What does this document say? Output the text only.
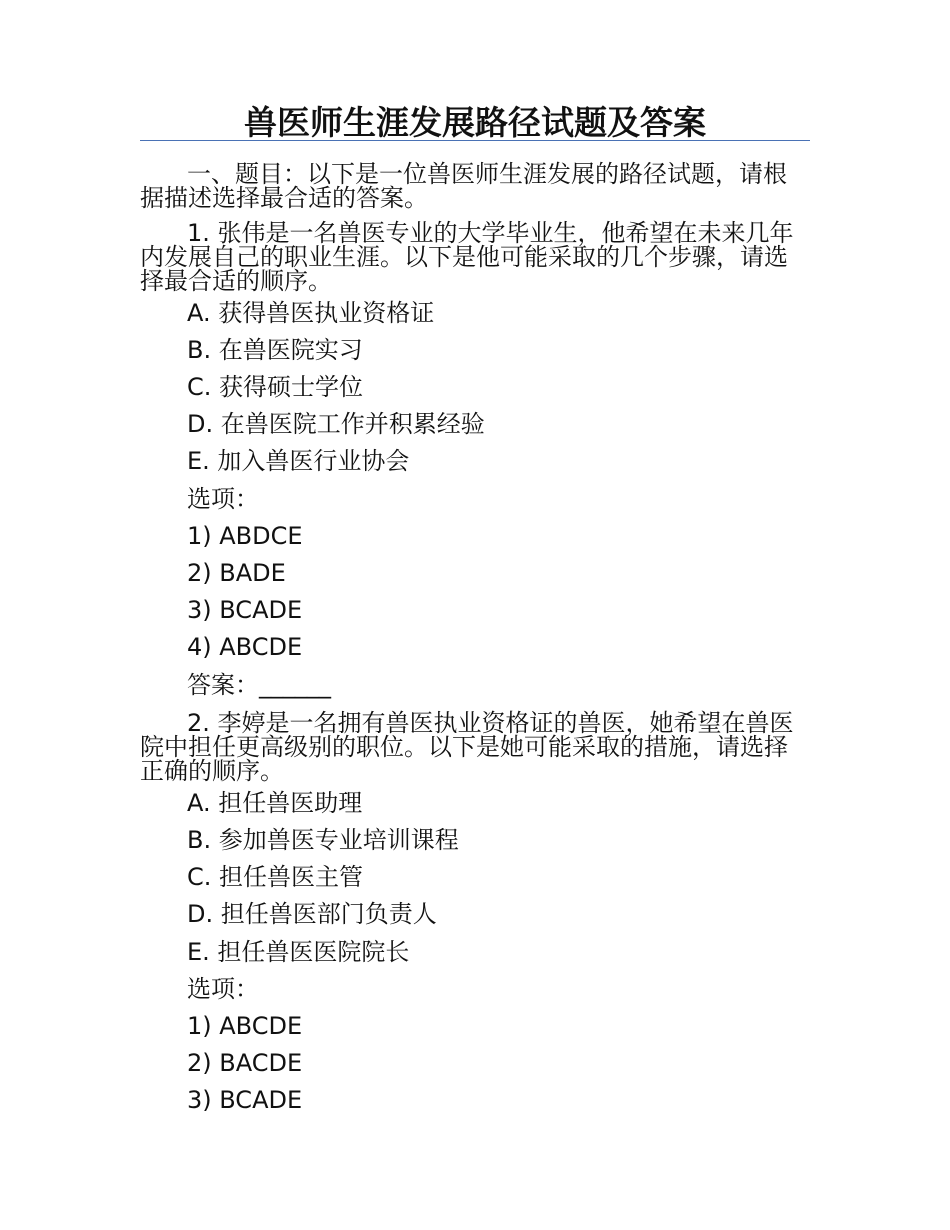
兽医师生涯发展路径试题及答案

一、题目：以下是一位兽医师生涯发展的路径试题，请根据描述选择最合适的答案。

1. 张伟是一名兽医专业的大学毕业生，他希望在未来几年内发展自己的职业生涯。以下是他可能采取的几个步骤，请选择最合适的顺序。

A. 获得兽医执业资格证

B. 在兽医院实习

C. 获得硕士学位

D. 在兽医院工作并积累经验

E. 加入兽医行业协会

选项：

1) ABDCE

2) BADE

3) BCADE

4) ABCDE

答案：______

2. 李婷是一名拥有兽医执业资格证的兽医，她希望在兽医院中担任更高级别的职位。以下是她可能采取的措施，请选择正确的顺序。

A. 担任兽医助理

B. 参加兽医专业培训课程

C. 担任兽医主管

D. 担任兽医部门负责人

E. 担任兽医医院院长

选项：

1) ABCDE

2) BACDE

3) BCADE
